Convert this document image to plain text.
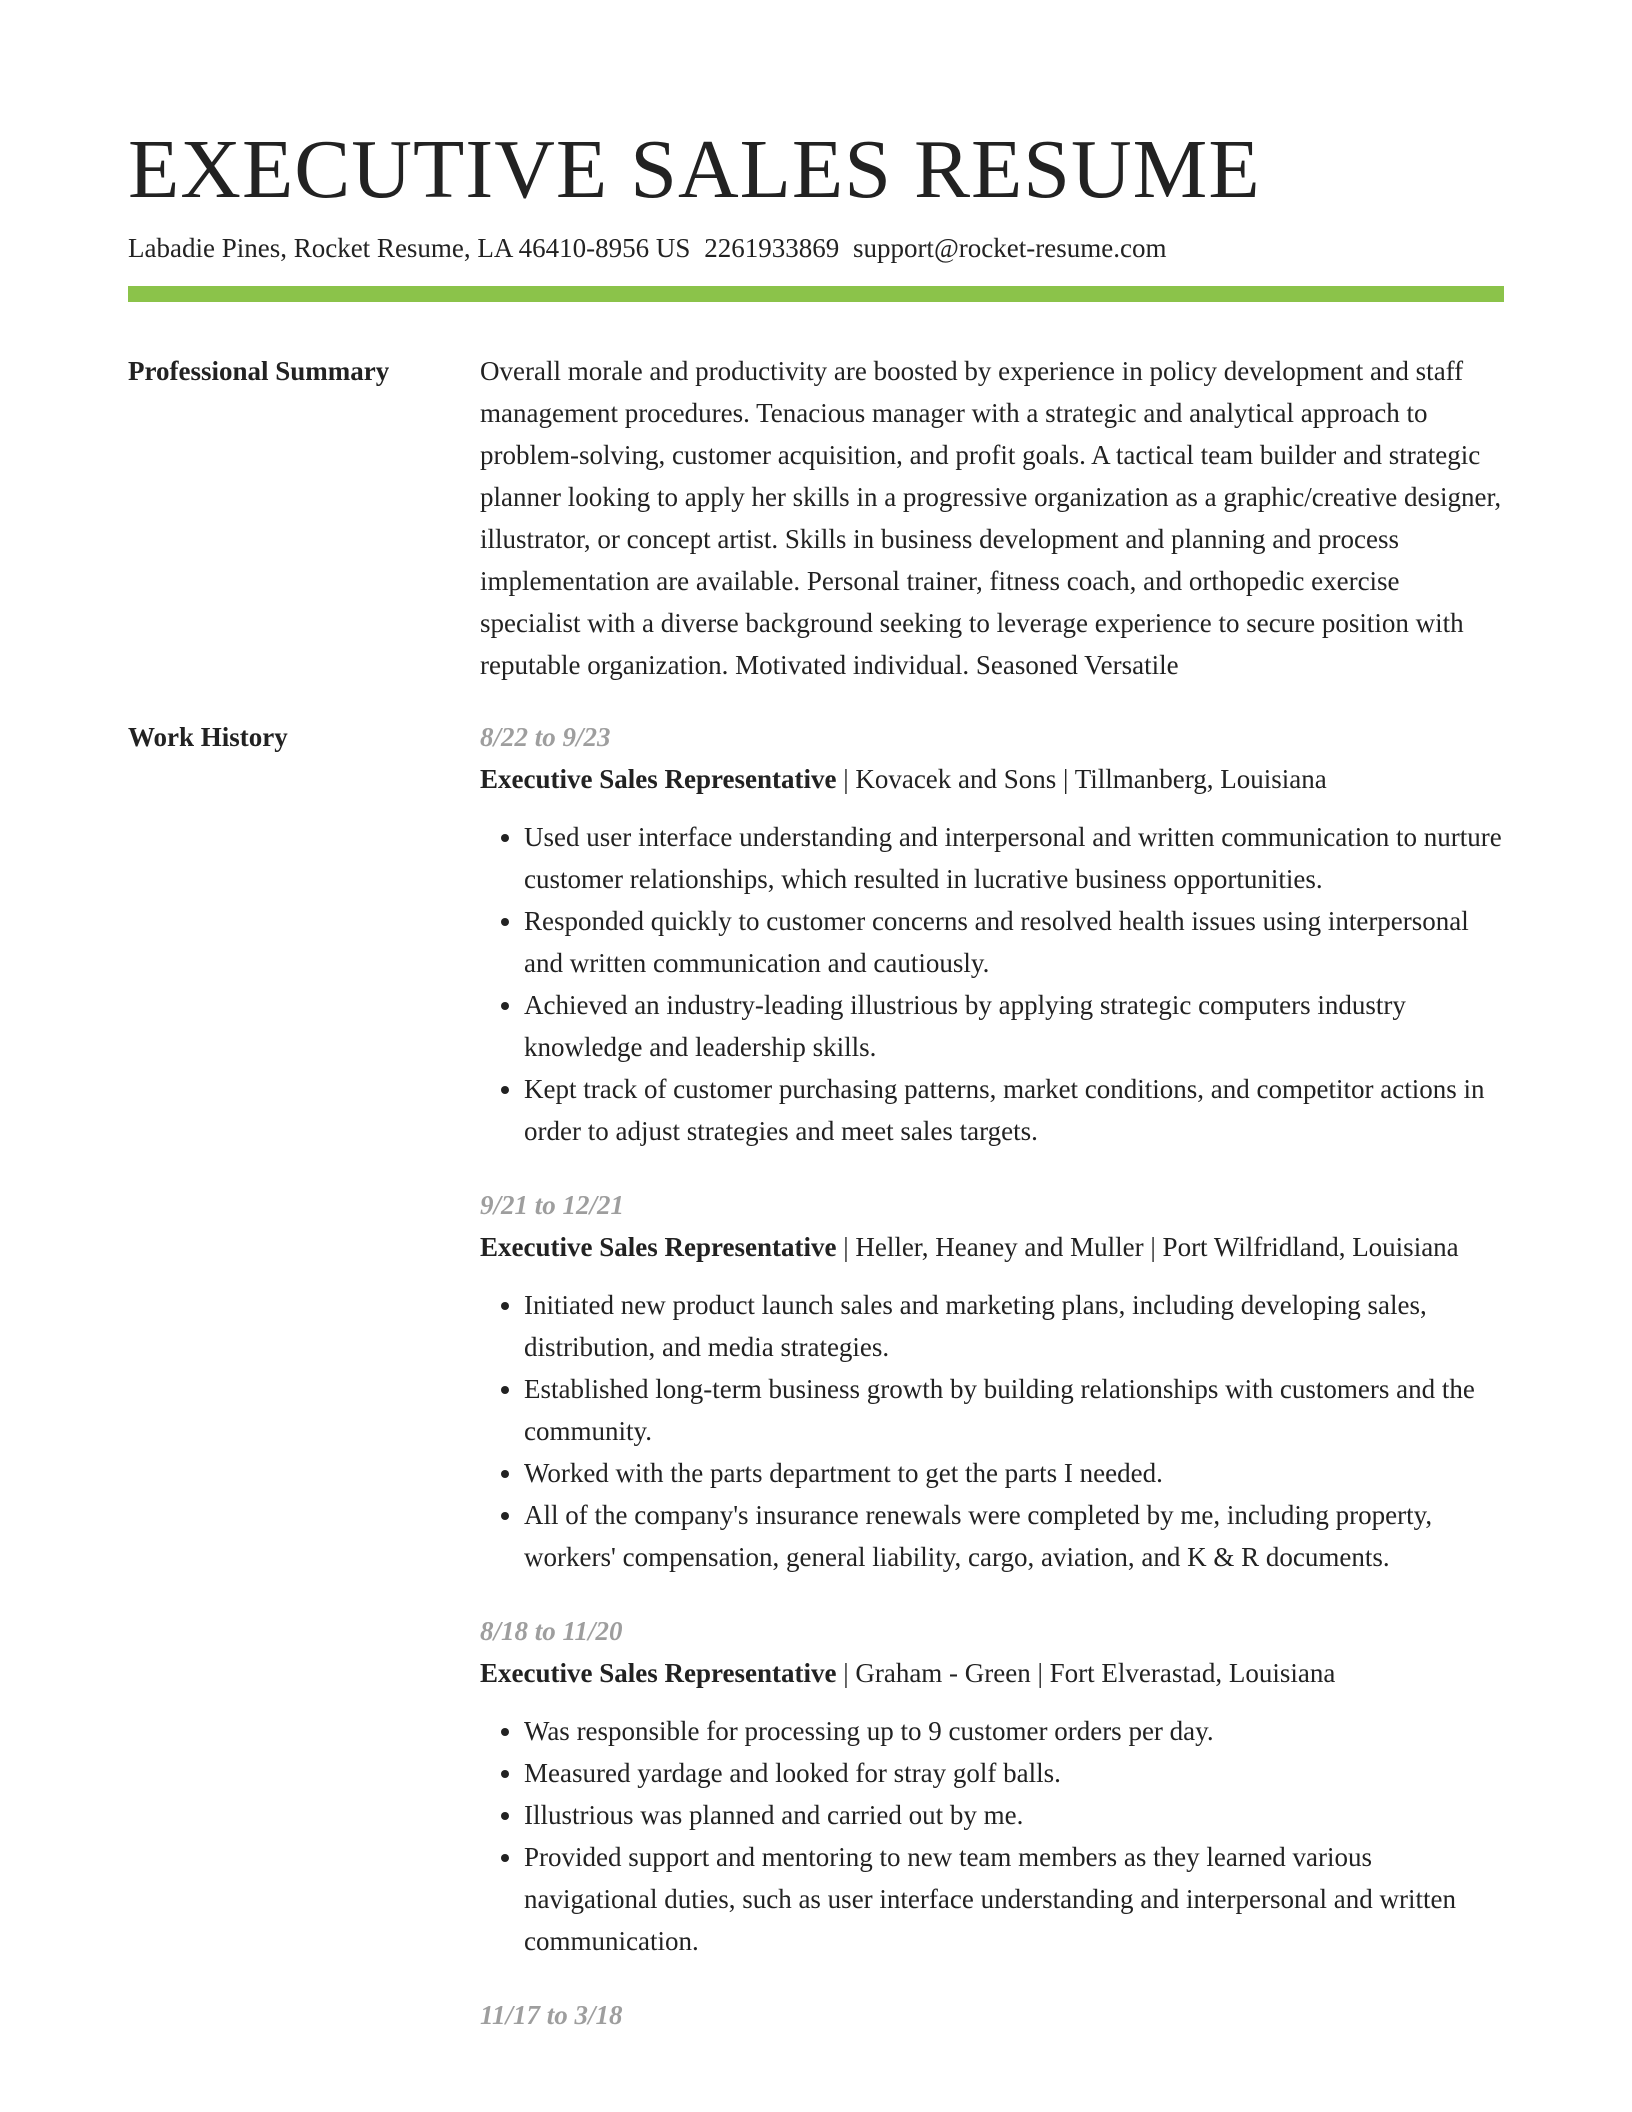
EXECUTIVE SALES RESUME
Labadie Pines, Rocket Resume, LA 46410-8956 US 2261933869 support@rocket-resume.com
Professional Summary	Overall morale and productivity are boosted by experience in policy development and staff management procedures. Tenacious manager with a strategic and analytical approach to problem-solving, customer acquisition, and profit goals. A tactical team builder and strategic planner looking to apply her skills in a progressive organization as a graphic/creative designer, illustrator, or concept artist. Skills in business development and planning and process implementation are available. Personal trainer, fitness coach, and orthopedic exercise specialist with a diverse background seeking to leverage experience to secure position with reputable organization. Motivated individual. Seasoned Versatile

Work History	8/22 to 9/23
Executive Sales Representative | Kovacek and Sons | Tillmanberg, Louisiana
• Used user interface understanding and interpersonal and written communication to nurture customer relationships, which resulted in lucrative business opportunities.
• Responded quickly to customer concerns and resolved health issues using interpersonal and written communication and cautiously.
• Achieved an industry-leading illustrious by applying strategic computers industry knowledge and leadership skills.
• Kept track of customer purchasing patterns, market conditions, and competitor actions in order to adjust strategies and meet sales targets.
9/21 to 12/21
Executive Sales Representative | Heller, Heaney and Muller | Port Wilfridland, Louisiana
• Initiated new product launch sales and marketing plans, including developing sales, distribution, and media strategies.
• Established long-term business growth by building relationships with customers and the community.
• Worked with the parts department to get the parts I needed.
• All of the company's insurance renewals were completed by me, including property, workers' compensation, general liability, cargo, aviation, and K & R documents.
8/18 to 11/20
Executive Sales Representative | Graham - Green | Fort Elverastad, Louisiana
• Was responsible for processing up to 9 customer orders per day.
• Measured yardage and looked for stray golf balls.
• Illustrious was planned and carried out by me.
• Provided support and mentoring to new team members as they learned various navigational duties, such as user interface understanding and interpersonal and written communication.
11/17 to 3/18
